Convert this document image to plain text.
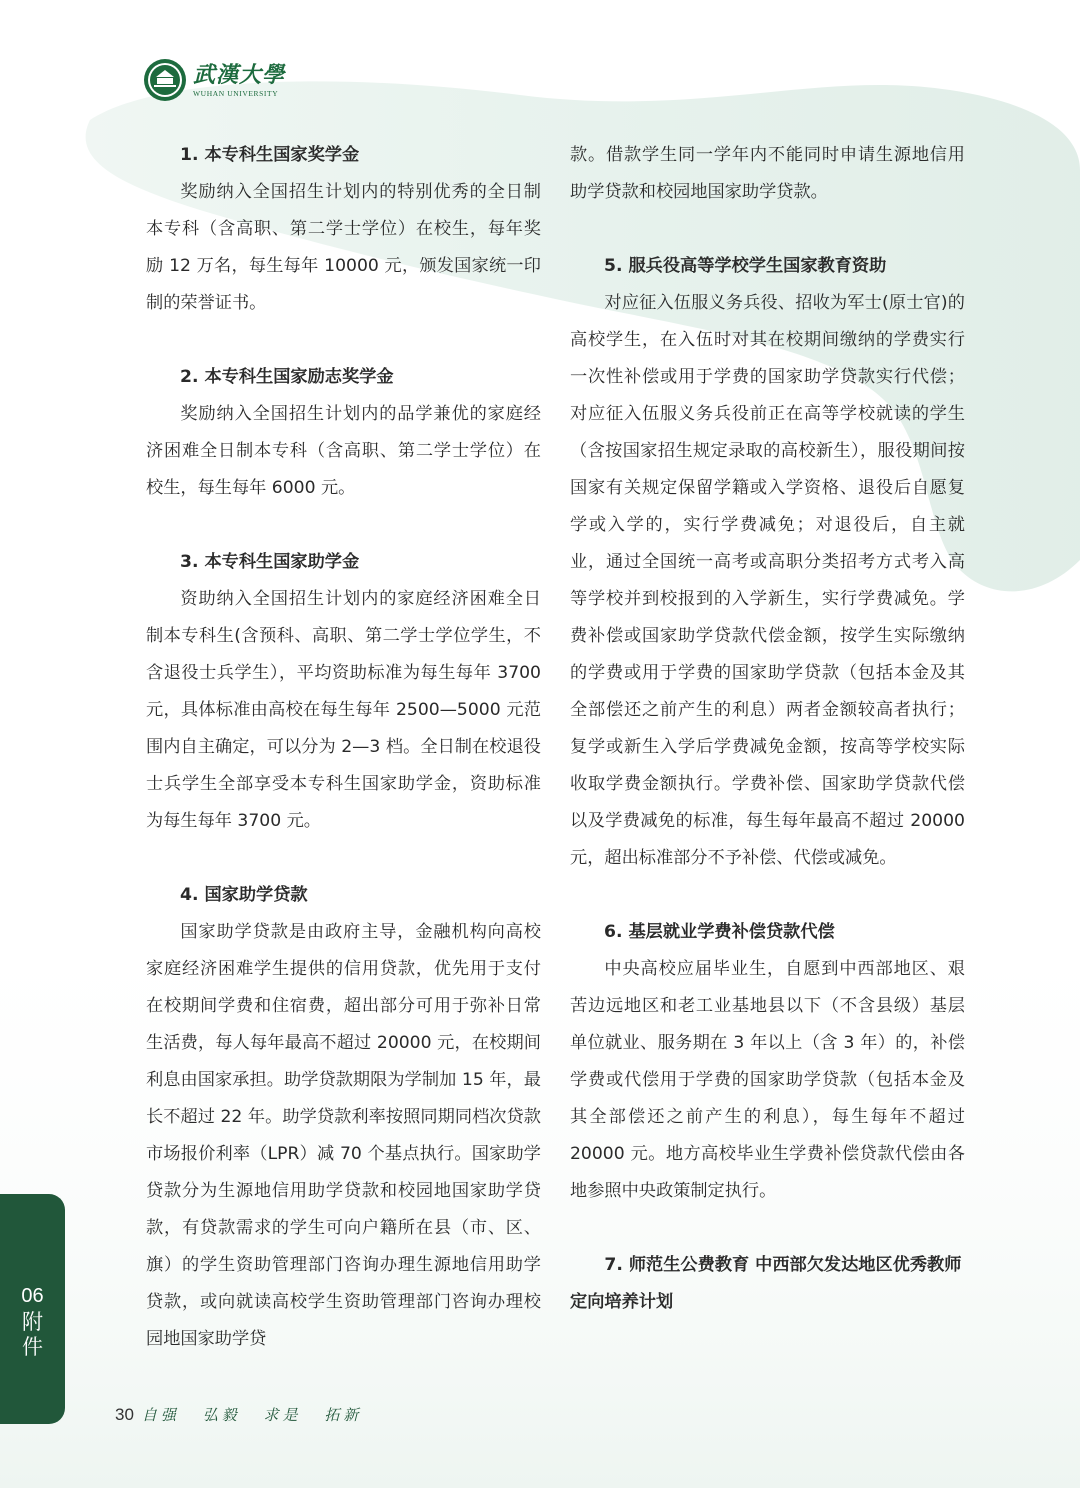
武漢大學
WUHAN UNIVERSITY

1. 本专科生国家奖学金

奖励纳入全国招生计划内的特别优秀的全日制本专科（含高职、第二学士学位）在校生，每年奖励 12 万名，每生每年 10000 元，颁发国家统一印制的荣誉证书。

2. 本专科生国家励志奖学金

奖励纳入全国招生计划内的品学兼优的家庭经济困难全日制本专科（含高职、第二学士学位）在校生，每生每年 6000 元。

3. 本专科生国家助学金

资助纳入全国招生计划内的家庭经济困难全日制本专科生(含预科、高职、第二学士学位学生，不含退役士兵学生），平均资助标准为每生每年 3700 元，具体标准由高校在每生每年 2500—5000 元范围内自主确定，可以分为 2—3 档。全日制在校退役士兵学生全部享受本专科生国家助学金，资助标准为每生每年 3700 元。

4. 国家助学贷款

国家助学贷款是由政府主导，金融机构向高校家庭经济困难学生提供的信用贷款，优先用于支付在校期间学费和住宿费，超出部分可用于弥补日常生活费，每人每年最高不超过 20000 元，在校期间利息由国家承担。助学贷款期限为学制加 15 年，最长不超过 22 年。助学贷款利率按照同期同档次贷款市场报价利率（LPR）减 70 个基点执行。国家助学贷款分为生源地信用助学贷款和校园地国家助学贷款，有贷款需求的学生可向户籍所在县（市、区、旗）的学生资助管理部门咨询办理生源地信用助学贷款，或向就读高校学生资助管理部门咨询办理校园地国家助学贷

款。借款学生同一学年内不能同时申请生源地信用助学贷款和校园地国家助学贷款。

5. 服兵役高等学校学生国家教育资助

对应征入伍服义务兵役、招收为军士(原士官)的高校学生，在入伍时对其在校期间缴纳的学费实行一次性补偿或用于学费的国家助学贷款实行代偿；对应征入伍服义务兵役前正在高等学校就读的学生（含按国家招生规定录取的高校新生），服役期间按国家有关规定保留学籍或入学资格、退役后自愿复学或入学的，实行学费减免；对退役后，自主就业，通过全国统一高考或高职分类招考方式考入高等学校并到校报到的入学新生，实行学费减免。学费补偿或国家助学贷款代偿金额，按学生实际缴纳的学费或用于学费的国家助学贷款（包括本金及其全部偿还之前产生的利息）两者金额较高者执行；复学或新生入学后学费减免金额，按高等学校实际收取学费金额执行。学费补偿、国家助学贷款代偿以及学费减免的标准，每生每年最高不超过 20000 元，超出标准部分不予补偿、代偿或减免。

6. 基层就业学费补偿贷款代偿

中央高校应届毕业生，自愿到中西部地区、艰苦边远地区和老工业基地县以下（不含县级）基层单位就业、服务期在 3 年以上（含 3 年）的，补偿学费或代偿用于学费的国家助学贷款（包括本金及其全部偿还之前产生的利息），每生每年不超过 20000 元。地方高校毕业生学费补偿贷款代偿由各地参照中央政策制定执行。

7. 师范生公费教育 中西部欠发达地区优秀教师定向培养计划

06
附件
30 自强 弘毅 求是 拓新
